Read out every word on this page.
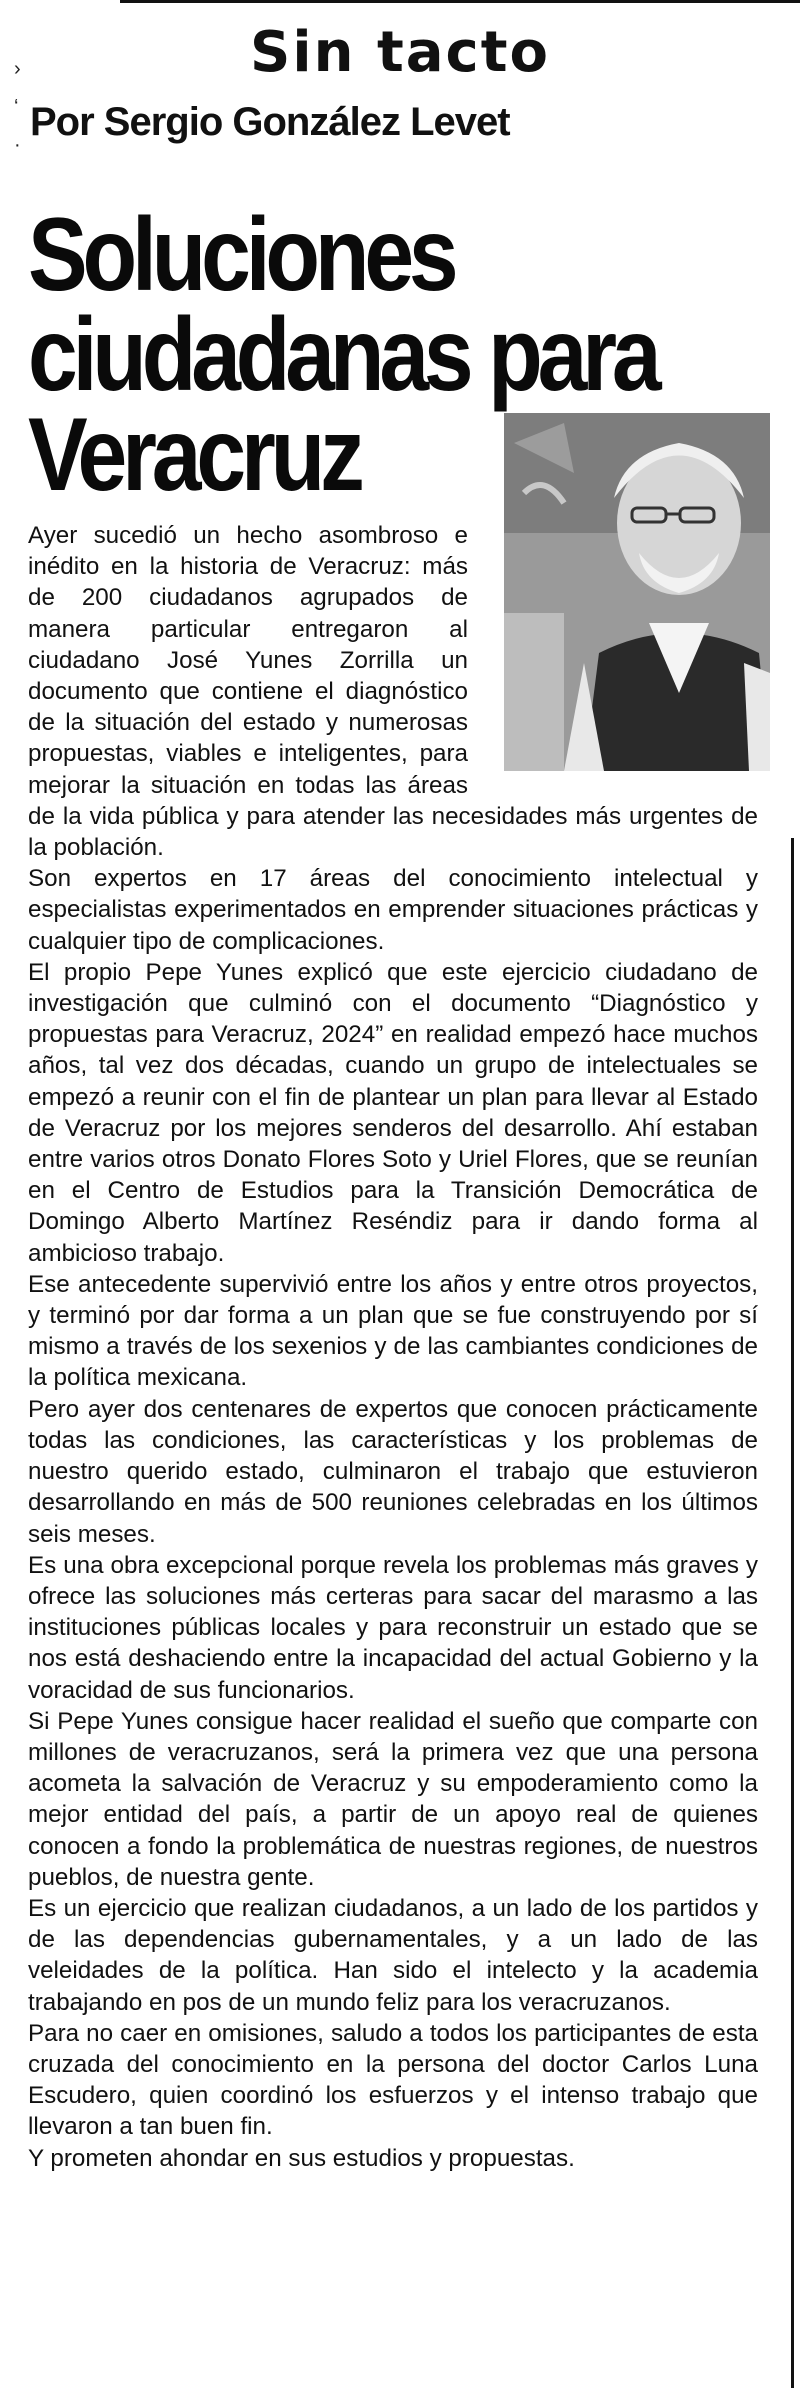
›
‘
·
Sin tacto
Por Sergio González Levet
Soluciones ciudadanas para Veracruz

Ayer sucedió un hecho asombroso e inédito en la historia de Veracruz: más de 200 ciudadanos agrupados de manera particular entregaron al ciudadano José Yunes Zorrilla un documento que contiene el diagnóstico de la situación del estado y numerosas propuestas, viables e inteligentes, para mejorar la situación en todas las áreas de la vida pública y para atender las necesidades más urgentes de la población.

Son expertos en 17 áreas del conocimiento intelectual y especialistas experimentados en emprender situaciones prácticas y cualquier tipo de complicaciones.

El propio Pepe Yunes explicó que este ejercicio ciudadano de investigación que culminó con el documento “Diagnóstico y propuestas para Veracruz, 2024” en realidad empezó hace muchos años, tal vez dos décadas, cuando un grupo de intelectuales se empezó a reunir con el fin de plantear un plan para llevar al Estado de Veracruz por los mejores senderos del desarrollo. Ahí estaban entre varios otros Donato Flores Soto y Uriel Flores, que se reunían en el Centro de Estudios para la Transición Democrática de Domingo Alberto Martínez Reséndiz para ir dando forma al ambicioso trabajo.

Ese antecedente supervivió entre los años y entre otros proyectos, y terminó por dar forma a un plan que se fue construyendo por sí mismo a través de los sexenios y de las cambiantes condiciones de la política mexicana.

Pero ayer dos centenares de expertos que conocen prácticamente todas las condiciones, las características y los problemas de nuestro querido estado, culminaron el trabajo que estuvieron desarrollando en más de 500 reuniones celebradas en los últimos seis meses.

Es una obra excepcional porque revela los problemas más graves y ofrece las soluciones más certeras para sacar del marasmo a las instituciones públicas locales y para reconstruir un estado que se nos está deshaciendo entre la incapacidad del actual Gobierno y la voracidad de sus funcionarios.

Si Pepe Yunes consigue hacer realidad el sueño que comparte con millones de veracruzanos, será la primera vez que una persona acometa la salvación de Veracruz y su empoderamiento como la mejor entidad del país, a partir de un apoyo real de quienes conocen a fondo la problemática de nuestras regiones, de nuestros pueblos, de nuestra gente.

Es un ejercicio que realizan ciudadanos, a un lado de los partidos y de las dependencias gubernamentales, y a un lado de las veleidades de la política. Han sido el intelecto y la academia trabajando en pos de un mundo feliz para los veracruzanos.

Para no caer en omisiones, saludo a todos los participantes de esta cruzada del conocimiento en la persona del doctor Carlos Luna Escudero, quien coordinó los esfuerzos y el intenso trabajo que llevaron a tan buen fin.

Y prometen ahondar en sus estudios y propuestas.
